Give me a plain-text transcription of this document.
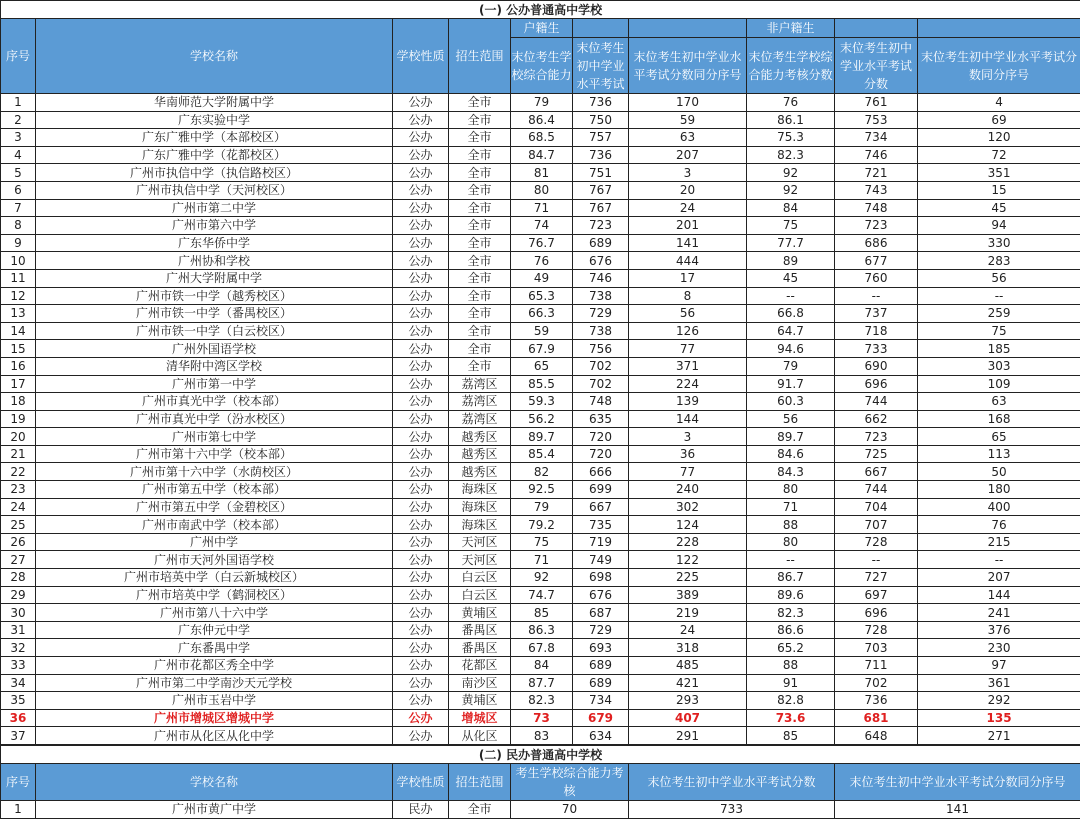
(一) 公办普通高中学校									
序号	学校名称	学校性质	招生范围	户籍生			非户籍生		
				末位考生学校综合能力	末位考生初中学业水平考试	末位考生初中学业水平考试分数同分序号	末位考生学校综合能力考核分数	末位考生初中学业水平考试分数	末位考生初中学业水平考试分数同分序号
1	华南师范大学附属中学	公办	全市	79	736	170	76	761	4
2	广东实验中学	公办	全市	86.4	750	59	86.1	753	69
3	广东广雅中学（本部校区）	公办	全市	68.5	757	63	75.3	734	120
4	广东广雅中学（花都校区）	公办	全市	84.7	736	207	82.3	746	72
5	广州市执信中学（执信路校区）	公办	全市	81	751	3	92	721	351
6	广州市执信中学（天河校区）	公办	全市	80	767	20	92	743	15
7	广州市第二中学	公办	全市	71	767	24	84	748	45
8	广州市第六中学	公办	全市	74	723	201	75	723	94
9	广东华侨中学	公办	全市	76.7	689	141	77.7	686	330
10	广州协和学校	公办	全市	76	676	444	89	677	283
11	广州大学附属中学	公办	全市	49	746	17	45	760	56
12	广州市铁一中学（越秀校区）	公办	全市	65.3	738	8	--	--	--
13	广州市铁一中学（番禺校区）	公办	全市	66.3	729	56	66.8	737	259
14	广州市铁一中学（白云校区）	公办	全市	59	738	126	64.7	718	75
15	广州外国语学校	公办	全市	67.9	756	77	94.6	733	185
16	清华附中湾区学校	公办	全市	65	702	371	79	690	303
17	广州市第一中学	公办	荔湾区	85.5	702	224	91.7	696	109
18	广州市真光中学（校本部）	公办	荔湾区	59.3	748	139	60.3	744	63
19	广州市真光中学（汾水校区）	公办	荔湾区	56.2	635	144	56	662	168
20	广州市第七中学	公办	越秀区	89.7	720	3	89.7	723	65
21	广州市第十六中学（校本部）	公办	越秀区	85.4	720	36	84.6	725	113
22	广州市第十六中学（水荫校区）	公办	越秀区	82	666	77	84.3	667	50
23	广州市第五中学（校本部）	公办	海珠区	92.5	699	240	80	744	180
24	广州市第五中学（金碧校区）	公办	海珠区	79	667	302	71	704	400
25	广州市南武中学（校本部）	公办	海珠区	79.2	735	124	88	707	76
26	广州中学	公办	天河区	75	719	228	80	728	215
27	广州市天河外国语学校	公办	天河区	71	749	122	--	--	--
28	广州市培英中学（白云新城校区）	公办	白云区	92	698	225	86.7	727	207
29	广州市培英中学（鹤洞校区）	公办	白云区	74.7	676	389	89.6	697	144
30	广州市第八十六中学	公办	黄埔区	85	687	219	82.3	696	241
31	广东仲元中学	公办	番禺区	86.3	729	24	86.6	728	376
32	广东番禺中学	公办	番禺区	67.8	693	318	65.2	703	230
33	广州市花都区秀全中学	公办	花都区	84	689	485	88	711	97
34	广州市第二中学南沙天元学校	公办	南沙区	87.7	689	421	91	702	361
35	广州市玉岩中学	公办	黄埔区	82.3	734	293	82.8	736	292
36	广州市增城区增城中学	公办	增城区	73	679	407	73.6	681	135
37	广州市从化区从化中学	公办	从化区	83	634	291	85	648	271
(二) 民办普通高中学校						
序号	学校名称	学校性质	招生范围	考生学校综合能力考核	末位考生初中学业水平考试分数	末位考生初中学业水平考试分数同分序号
1	广州市黄广中学	民办	全市	70	733	141
